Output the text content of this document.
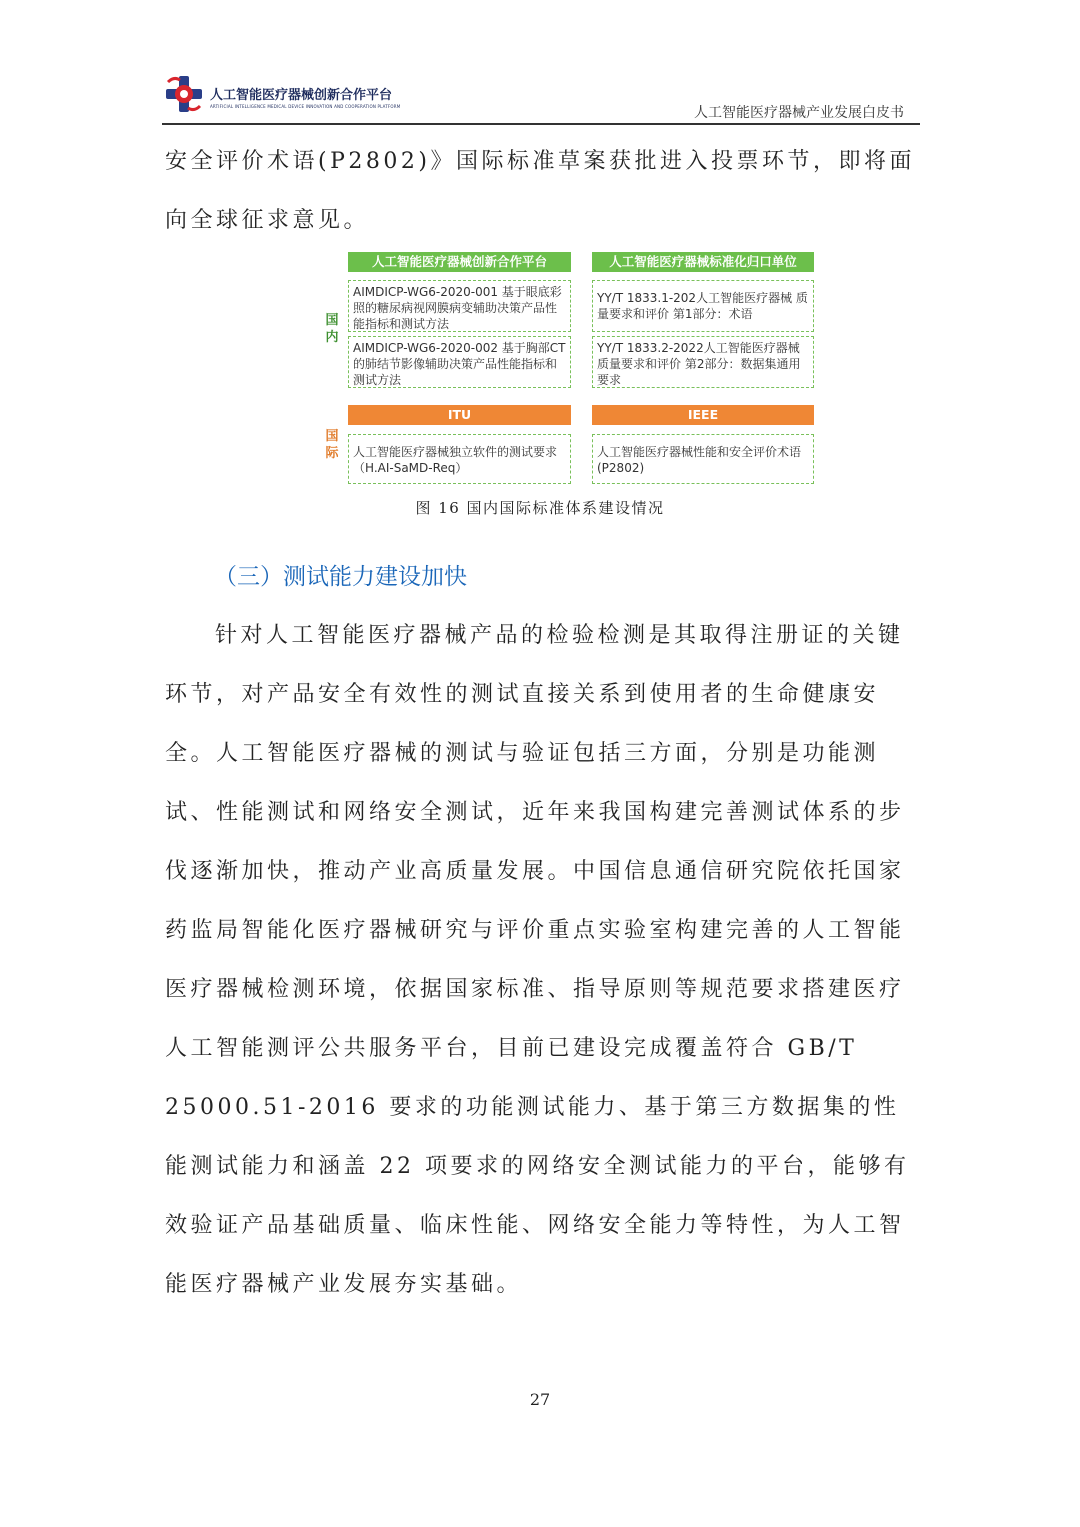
人工智能医疗器械创新合作平台
ARTIFICIAL INTELLIGENCE MEDICAL DEVICE INNOVATION AND COOPERATION PLATFORM	人工智能医疗器械产业发展白皮书

安全评价术语(P2802)》国际标准草案获批进入投票环节，即将面向全球征求意见。

国内
国际
人工智能医疗器械创新合作平台
AIMDICP-WG6-2020-001 基于眼底彩照的糖尿病视网膜病变辅助决策产品性能指标和测试方法
AIMDICP-WG6-2020-002 基于胸部CT的肺结节影像辅助决策产品性能指标和测试方法
ITU
人工智能医疗器械独立软件的测试要求（H.AI-SaMD-Req）
人工智能医疗器械标准化归口单位
YY/T 1833.1-202人工智能医疗器械 质量要求和评价 第1部分：术语
YY/T 1833.2-2022人工智能医疗器械 质量要求和评价 第2部分：数据集通用要求
IEEE
人工智能医疗器械性能和安全评价术语(P2802)
图 16 国内国际标准体系建设情况
（三）测试能力建设加快

针对人工智能医疗器械产品的检验检测是其取得注册证的关键环节，对产品安全有效性的测试直接关系到使用者的生命健康安全。人工智能医疗器械的测试与验证包括三方面，分别是功能测试、性能测试和网络安全测试，近年来我国构建完善测试体系的步伐逐渐加快，推动产业高质量发展。中国信息通信研究院依托国家药监局智能化医疗器械研究与评价重点实验室构建完善的人工智能医疗器械检测环境，依据国家标准、指导原则等规范要求搭建医疗人工智能测评公共服务平台，目前已建设完成覆盖符合 GB/T 25000.51-2016 要求的功能测试能力、基于第三方数据集的性能测试能力和涵盖 22 项要求的网络安全测试能力的平台，能够有效验证产品基础质量、临床性能、网络安全能力等特性，为人工智能医疗器械产业发展夯实基础。

27
